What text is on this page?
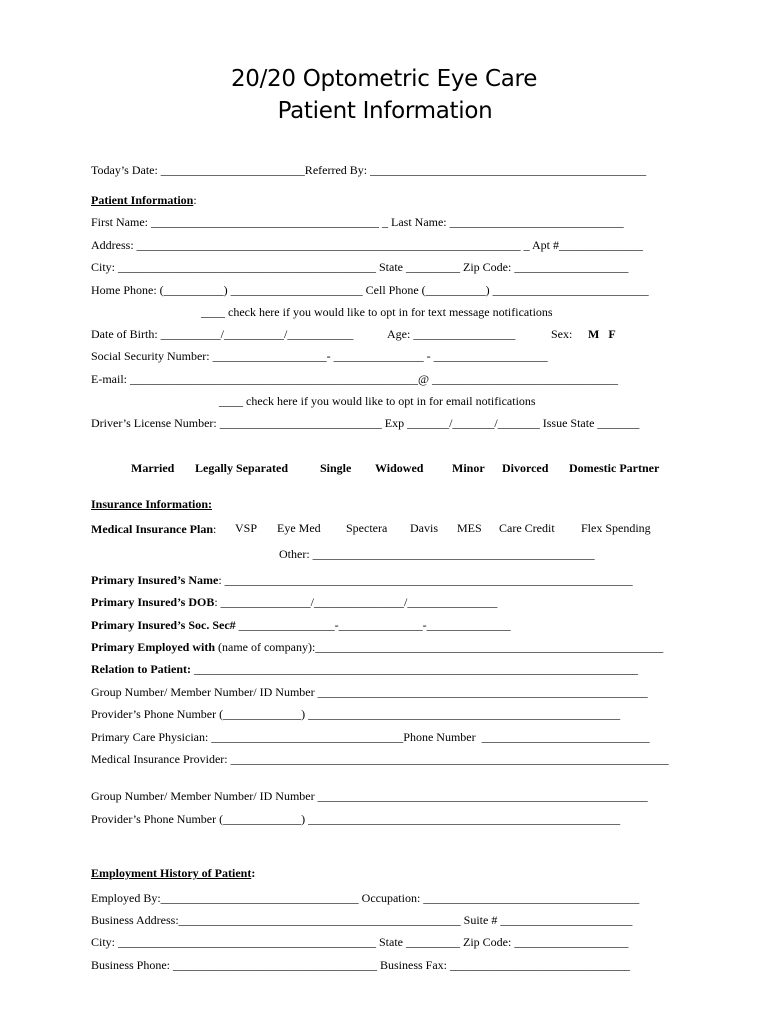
20/20 Optometric Eye Care
Patient Information
Today’s Date: ________________________Referred By: ______________________________________________
Patient Information:
First Name: ______________________________________ _ Last Name: _____________________________
Address: ________________________________________________________________ _ Apt #______________
City: ___________________________________________ State _________ Zip Code: ___________________
Home Phone: (__________) ______________________ Cell Phone (__________) __________________________
____ check here if you would like to opt in for text message notifications
Date of Birth: __________/__________/___________	Age: _________________	Sex: M   F
Social Security Number: ___________________- _______________ - ___________________
E-mail: ________________________________________________@ _______________________________
____ check here if you would like to opt in for email notifications
Driver’s License Number: ___________________________ Exp _______/_______/_______ Issue State _______
Married Legally Separated	Single Widowed Minor Divorced Domestic Partner
Insurance Information:
Medical Insurance Plan: VSP Eye Med Spectera Davis MES Care Credit Flex Spending
Other: _______________________________________________
Primary Insured’s Name: ____________________________________________________________________
Primary Insured’s DOB: _______________/_______________/_______________
Primary Insured’s Soc. Sec# ________________-______________-______________
Primary Employed with (name of company):__________________________________________________________
Relation to Patient: __________________________________________________________________________
Group Number/ Member Number/ ID Number _______________________________________________________
Provider’s Phone Number (_____________) ____________________________________________________
Primary Care Physician: ________________________________Phone Number  ____________________________
Medical Insurance Provider: _________________________________________________________________________
Group Number/ Member Number/ ID Number _______________________________________________________
Provider’s Phone Number (_____________) ____________________________________________________
Employment History of Patient:
Employed By:_________________________________ Occupation: ____________________________________
Business Address:_______________________________________________ Suite # ______________________
City: ___________________________________________ State _________ Zip Code: ___________________
Business Phone: __________________________________ Business Fax: ______________________________
